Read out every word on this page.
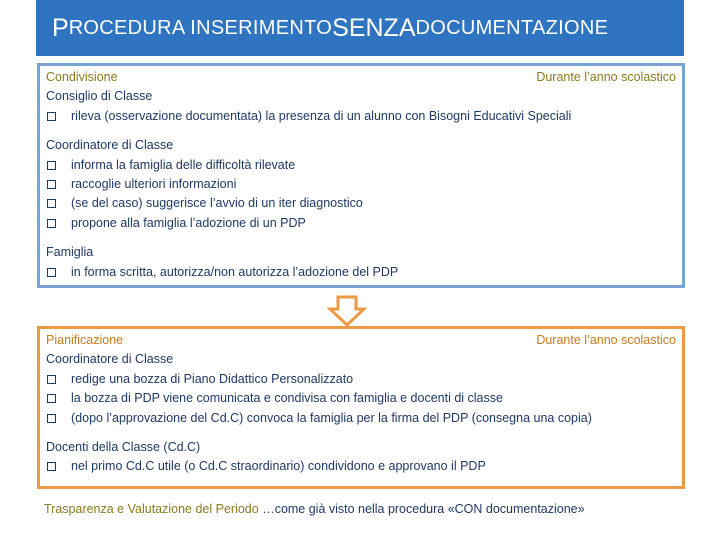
P ROCEDURA INSERIMENTO SENZA DOCUMENTAZIONE
Condivisione	Durante l’anno scolastico
Consiglio di Classe
rileva (osservazione documentata) la presenza di un alunno con Bisogni Educativi Speciali
Coordinatore di Classe
informa la famiglia delle difficoltà rilevate
raccoglie ulteriori informazioni
(se del caso) suggerisce l’avvio di un iter diagnostico
propone alla famiglia l’adozione di un PDP
Famiglia
in forma scritta, autorizza/non autorizza l’adozione del PDP
Pianificazione	Durante l’anno scolastico
Coordinatore di Classe
redige una bozza di Piano Didattico Personalizzato
la bozza di PDP viene comunicata e condivisa con famiglia e docenti di classe
(dopo l’approvazione del Cd.C) convoca la famiglia per la firma del PDP (consegna una copia)
Docenti della Classe (Cd.C)
nel primo Cd.C utile (o Cd.C straordinario) condividono e approvano il PDP
Trasparenza e Valutazione del Periodo …come già visto nella procedura «CON documentazione»
